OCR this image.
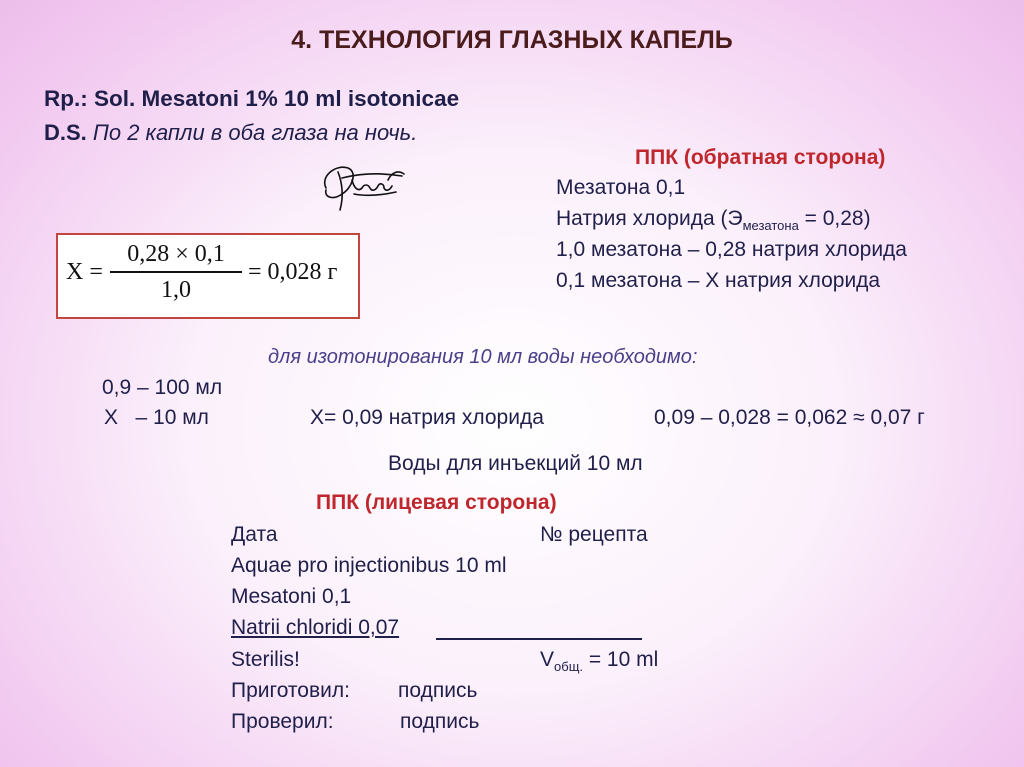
4. ТЕХНОЛОГИЯ ГЛАЗНЫХ КАПЕЛЬ
Rp.: Sol. Mesatoni 1% 10 ml isotonicae
D.S. По 2 капли в оба глаза на ночь.
X =
0,28 × 0,1
1,0
= 0,028 г
ППК (обратная сторона)
Мезатона 0,1
Натрия хлорида $(Э_{мезатона} = 0,28)$
1,0 мезатона – 0,28 натрия хлорида
0,1 мезатона – Х натрия хлорида
для изотонирования 10 мл воды необходимо:
0,9 – 100 мл
Х   – 10 мл	Х= 0,09 натрия хлорида	0,09 – 0,028 = 0,062 ≈ 0,07 г
Воды для инъекций 10 мл
ППК (лицевая сторона)
Дата	№ рецепта
Aquae pro injectionibus 10 ml
Mesatoni 0,1
Natrii chloridi 0,07
Sterilis!	$V_{общ.} = 10$ ml
Приготовил: подпись
Проверил:	подпись
